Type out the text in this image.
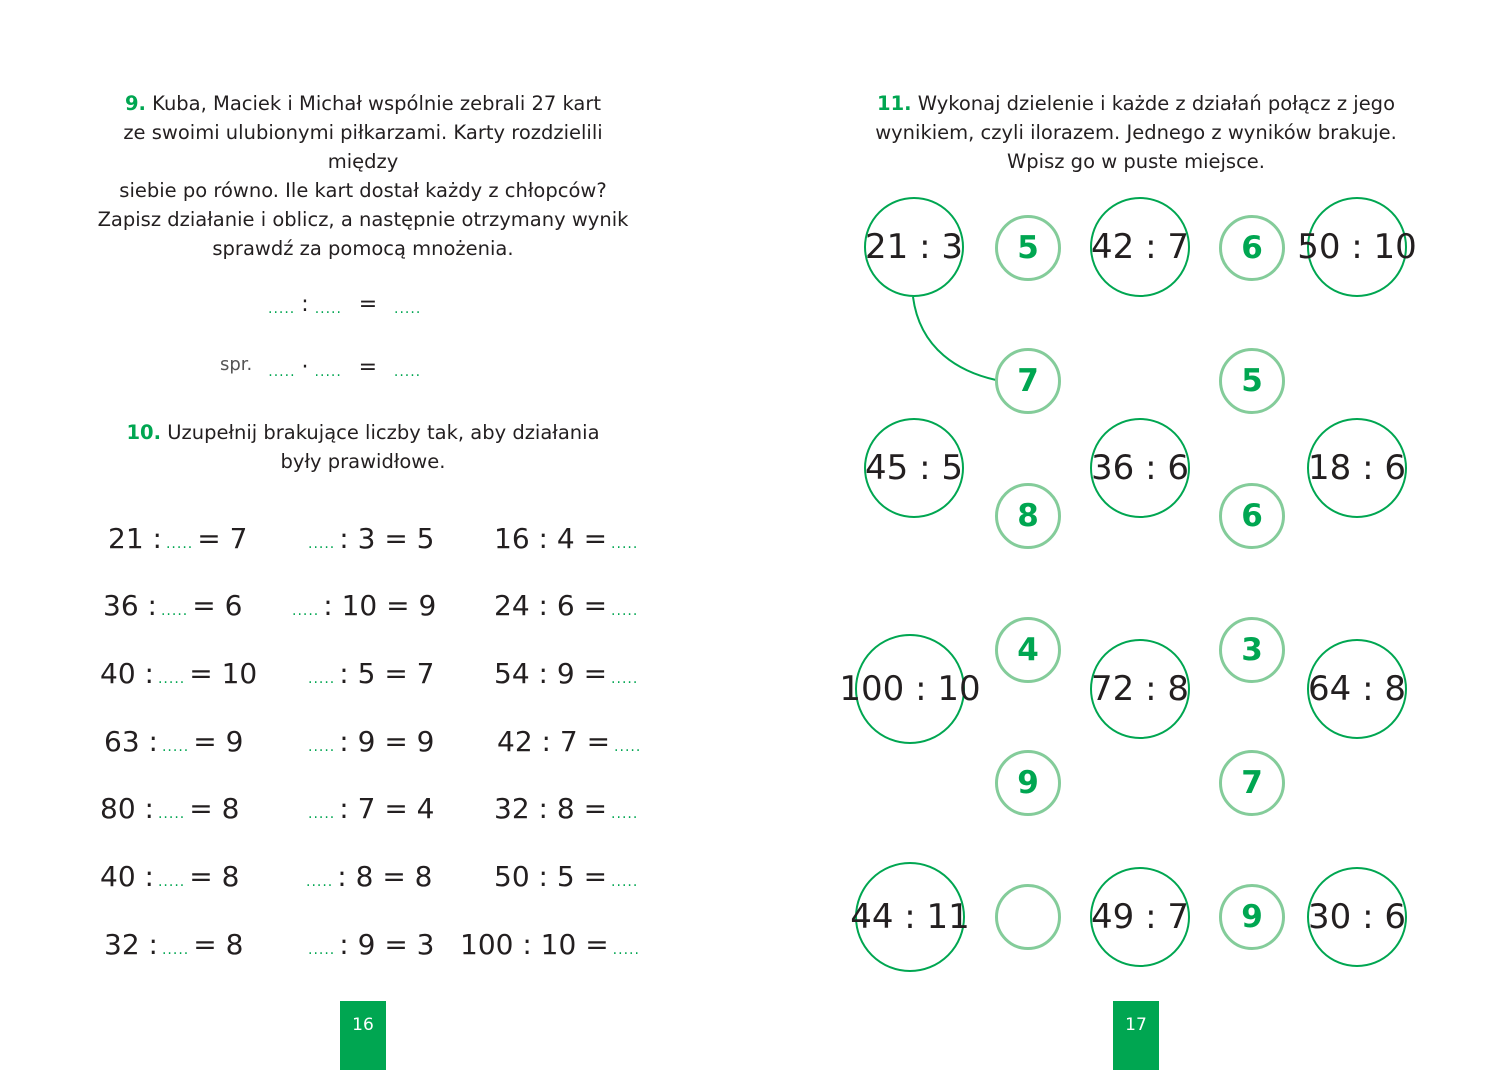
9. Kuba, Maciek i Michał wspólnie zebrali 27 kart
ze swoimi ulubionymi piłkarzami. Karty rozdzielili między
siebie po równo. Ile kart dostał każdy z chłopców?
Zapisz działanie i oblicz, a następnie otrzymany wynik
sprawdź za pomocą mnożenia.
..... : ..... = .....
spr. ..... · ..... = .....
10. Uzupełnij brakujące liczby tak, aby działania
były prawidłowe.
21 : ..... = 7
36 : ..... = 6
40 : ..... = 10
63 : ..... = 9
80 : ..... = 8
40 : ..... = 8
32 : ..... = 8
..... : 3 = 5
..... : 10 = 9
..... : 5 = 7
..... : 9 = 9
..... : 7 = 4
..... : 8 = 8
..... : 9 = 3
16 : 4 = .....
24 : 6 = .....
54 : 9 = .....
42 : 7 = .....
32 : 8 = .....
50 : 5 = .....
100 : 10 = .....
16
11. Wykonaj dzielenie i każde z działań połącz z jego
wynikiem, czyli ilorazem. Jednego z wyników brakuje.
Wpisz go w puste miejsce.
21 : 3	42 : 7	50 : 10
45 : 5	36 : 6	18 : 6
100 : 10	72 : 8	64 : 8
44 : 11	49 : 7	30 : 6
5	6
7	5
8	6
4	3
9	7
9
17
